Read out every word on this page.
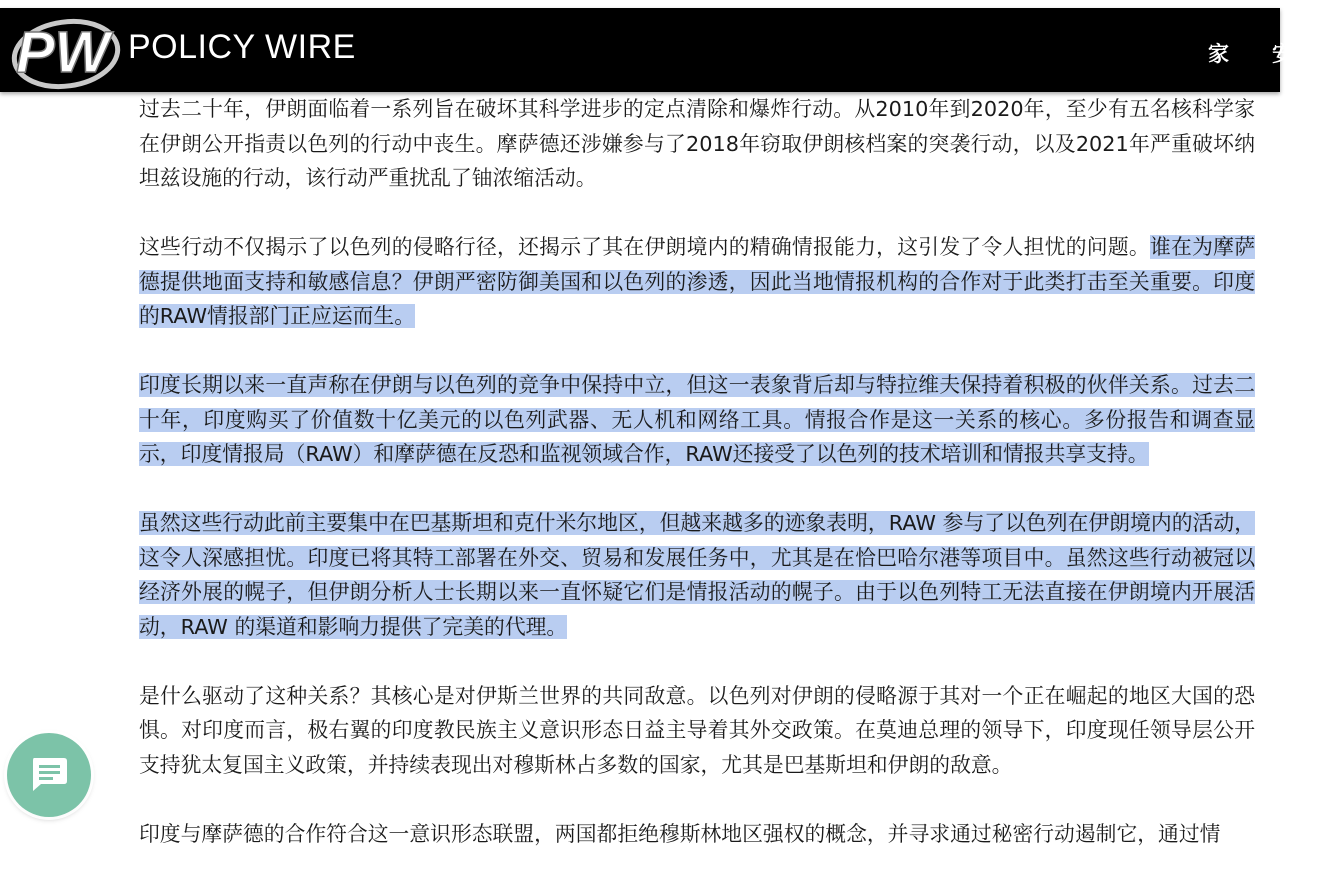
PW POLICY WIRE	家 安

过去二十年，伊朗面临着一系列旨在破坏其科学进步的定点清除和爆炸行动。从2010年到2020年，至少有五名核科学家在伊朗公开指责以色列的行动中丧生。摩萨德还涉嫌参与了2018年窃取伊朗核档案的突袭行动，以及2021年严重破坏纳坦兹设施的行动，该行动严重扰乱了铀浓缩活动。

这些行动不仅揭示了以色列的侵略行径，还揭示了其在伊朗境内的精确情报能力，这引发了令人担忧的问题。谁在为摩萨德提供地面支持和敏感信息？伊朗严密防御美国和以色列的渗透，因此当地情报机构的合作对于此类打击至关重要。印度的RAW情报部门正应运而生。

印度长期以来一直声称在伊朗与以色列的竞争中保持中立，但这一表象背后却与特拉维夫保持着积极的伙伴关系。过去二十年，印度购买了价值数十亿美元的以色列武器、无人机和网络工具。情报合作是这一关系的核心。多份报告和调查显示，印度情报局（RAW）和摩萨德在反恐和监视领域合作，RAW还接受了以色列的技术培训和情报共享支持。

虽然这些行动此前主要集中在巴基斯坦和克什米尔地区，但越来越多的迹象表明，RAW 参与了以色列在伊朗境内的活动，这令人深感担忧。印度已将其特工部署在外交、贸易和发展任务中，尤其是在恰巴哈尔港等项目中。虽然这些行动被冠以经济外展的幌子，但伊朗分析人士长期以来一直怀疑它们是情报活动的幌子。由于以色列特工无法直接在伊朗境内开展活动，RAW 的渠道和影响力提供了完美的代理。

是什么驱动了这种关系？其核心是对伊斯兰世界的共同敌意。以色列对伊朗的侵略源于其对一个正在崛起的地区大国的恐惧。对印度而言，极右翼的印度教民族主义意识形态日益主导着其外交政策。在莫迪总理的领导下，印度现任领导层公开支持犹太复国主义政策，并持续表现出对穆斯林占多数的国家，尤其是巴基斯坦和伊朗的敌意。

印度与摩萨德的合作符合这一意识形态联盟，两国都拒绝穆斯林地区强权的概念，并寻求通过秘密行动遏制它，通过情
